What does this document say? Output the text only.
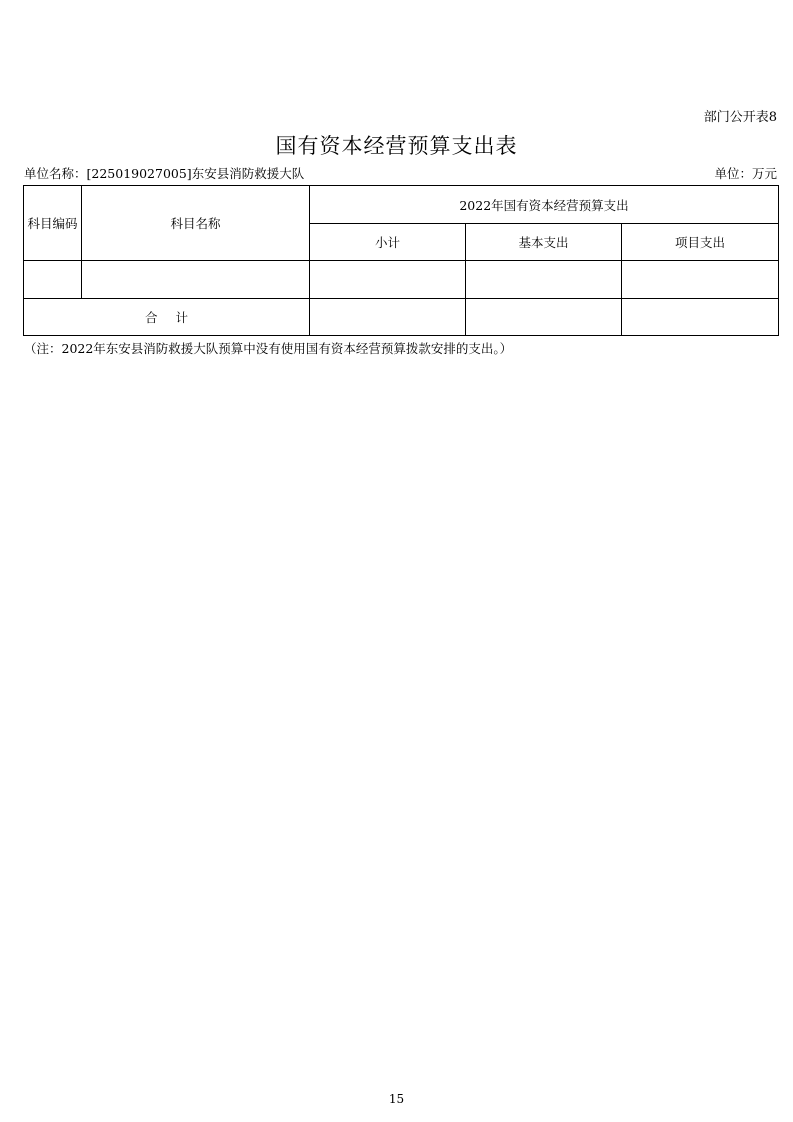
部门公开表8
国有资本经营预算支出表
单位名称：[225019027005]东安县消防救援大队	单位：万元
科目编码	科目名称	2022年国有资本经营预算支出		
		小计	基本支出	项目支出

合计				
（注：2022年东安县消防救援大队预算中没有使用国有资本经营预算拨款安排的支出。）
15
